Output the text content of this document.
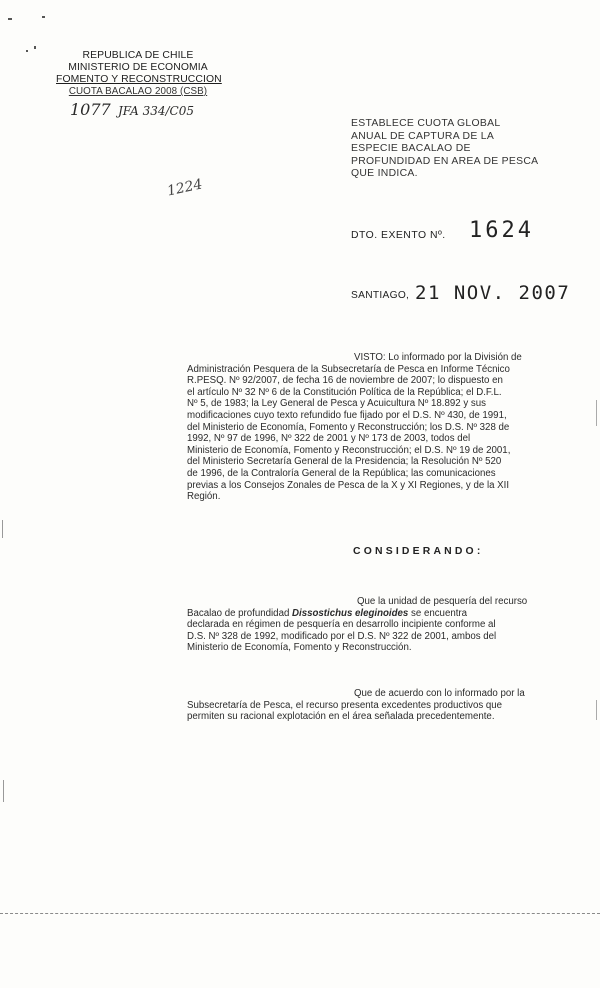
REPUBLICA DE CHILE
MINISTERIO DE ECONOMIA
FOMENTO Y RECONSTRUCCION
CUOTA BACALAO 2008 (CSB)
1077 JFA 334/C05
1224
ESTABLECE CUOTA GLOBAL
ANUAL DE CAPTURA DE LA
ESPECIE BACALAO DE
PROFUNDIDAD EN AREA DE PESCA
QUE INDICA.
DTO. EXENTO Nº. 1624
SANTIAGO, 21 NOV. 2007
VISTO: Lo informado por la División de
Administración Pesquera de la Subsecretaría de Pesca en Informe Técnico
R.PESQ. Nº 92/2007, de fecha 16 de noviembre de 2007; lo dispuesto en
el artículo Nº 32 Nº 6 de la Constitución Política de la República; el D.F.L.
Nº 5, de 1983; la Ley General de Pesca y Acuicultura Nº 18.892 y sus
modificaciones cuyo texto refundido fue fijado por el D.S. Nº 430, de 1991,
del Ministerio de Economía, Fomento y Reconstrucción; los D.S. Nº 328 de
1992, Nº 97 de 1996, Nº 322 de 2001 y Nº 173 de 2003, todos del
Ministerio de Economía, Fomento y Reconstrucción; el D.S. Nº 19 de 2001,
del Ministerio Secretaría General de la Presidencia; la Resolución Nº 520
de 1996, de la Contraloría General de la República; las comunicaciones
previas a los Consejos Zonales de Pesca de la X y XI Regiones, y de la XII
Región.
CONSIDERANDO:
Que la unidad de pesquería del recurso
Bacalao de profundidad Dissostichus eleginoides se encuentra
declarada en régimen de pesquería en desarrollo incipiente conforme al
D.S. Nº 328 de 1992, modificado por el D.S. Nº 322 de 2001, ambos del
Ministerio de Economía, Fomento y Reconstrucción.
Que de acuerdo con lo informado por la
Subsecretaría de Pesca, el recurso presenta excedentes productivos que
permiten su racional explotación en el área señalada precedentemente.
